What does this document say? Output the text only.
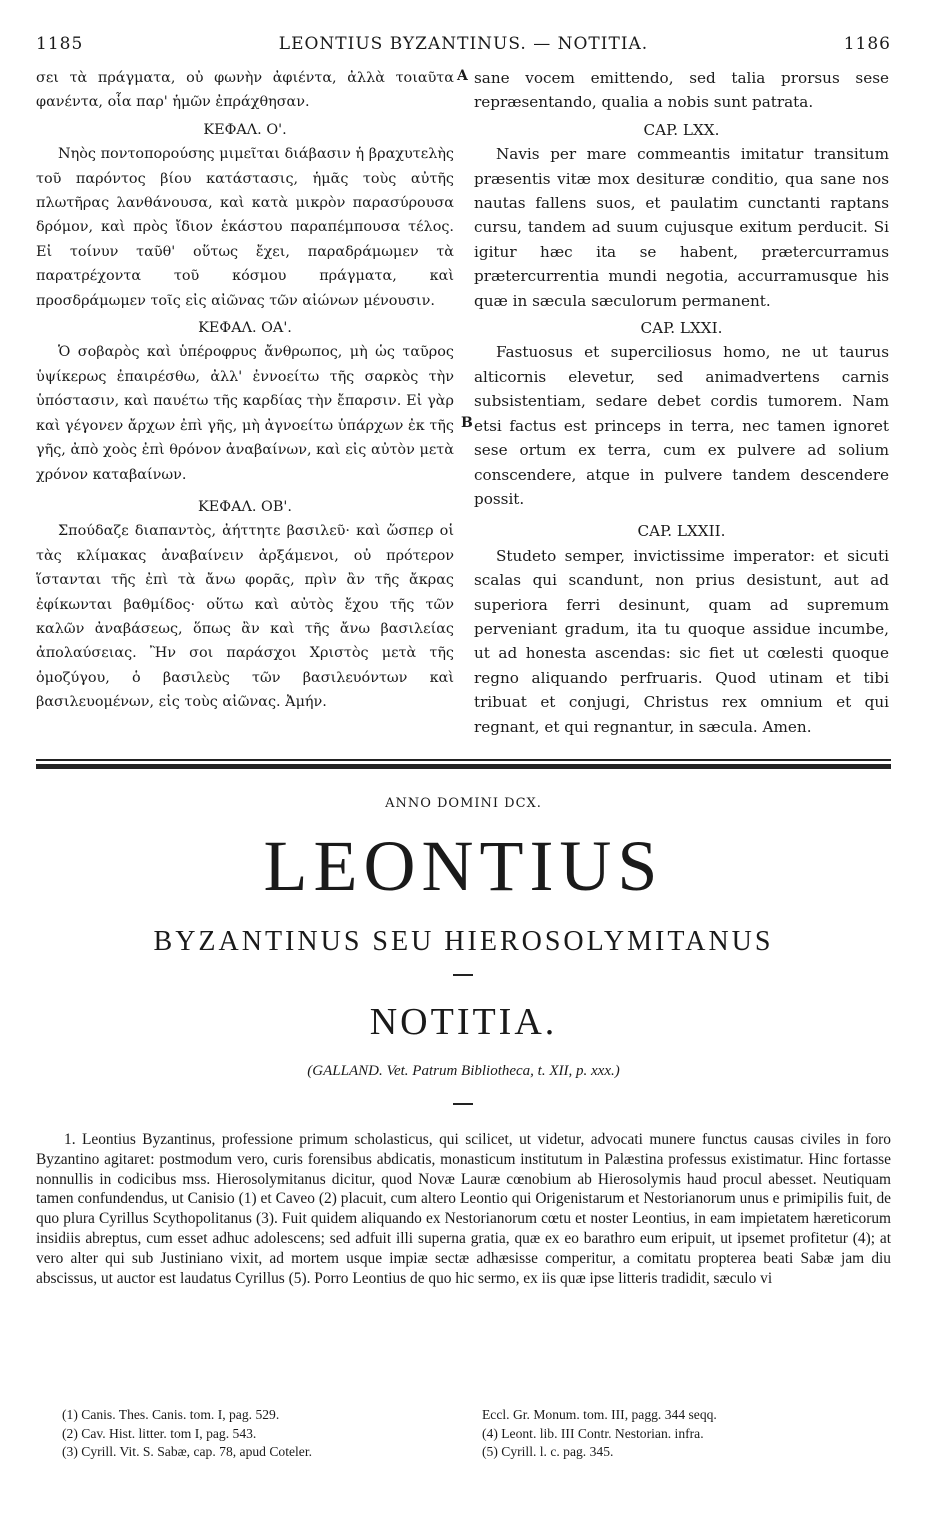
1185	LEONTIUS BYZANTINUS. — NOTITIA.	1186

σει τὰ πράγματα, οὐ φωνὴν ἀφιέντα, ἀλλὰ τοιαῦτα φανέντα, οἷα παρ' ἡμῶν ἐπράχθησαν.

ΚΕΦΑΛ. Ο'.

Νηὸς ποντοπορούσης μιμεῖται διάβασιν ἡ βραχυτελὴς τοῦ παρόντος βίου κατάστασις, ἡμᾶς τοὺς αὐτῆς πλωτῆρας λανθάνουσα, καὶ κατὰ μικρὸν παρασύρουσα δρόμον, καὶ πρὸς ἴδιον ἑκάστου παραπέμπουσα τέλος. Εἰ τοίνυν ταῦθ' οὕτως ἔχει, παραδράμωμεν τὰ παρατρέχοντα τοῦ κόσμου πράγματα, καὶ προσδράμωμεν τοῖς εἰς αἰῶνας τῶν αἰώνων μένουσιν.

ΚΕΦΑΛ. ΟΑ'.

Ὁ σοβαρὸς καὶ ὑπέροφρυς ἄνθρωπος, μὴ ὡς ταῦρος ὑψίκερως ἐπαιρέσθω, ἀλλ' ἐννοείτω τῆς σαρκὸς τὴν ὑπόστασιν, καὶ παυέτω τῆς καρδίας τὴν ἔπαρσιν. Εἰ γὰρ καὶ γέγονεν ἄρχων ἐπὶ γῆς, μὴ ἀγνοείτω ὑπάρχων ἐκ τῆς γῆς, ἀπὸ χοὸς ἐπὶ θρόνον ἀναβαίνων, καὶ εἰς αὐτὸν μετὰ χρόνον καταβαίνων.

ΚΕΦΑΛ. ΟΒ'.

Σπούδαζε διαπαντὸς, ἀήττητε βασιλεῦ· καὶ ὥσπερ οἱ τὰς κλίμακας ἀναβαίνειν ἀρξάμενοι, οὐ πρότερον ἵστανται τῆς ἐπὶ τὰ ἄνω φορᾶς, πρὶν ἂν τῆς ἄκρας ἐφίκωνται βαθμίδος· οὕτω καὶ αὐτὸς ἔχου τῆς τῶν καλῶν ἀναβάσεως, ὅπως ἂν καὶ τῆς ἄνω βασιλείας ἀπολαύσειας. Ἢν σοι παράσχοι Χριστὸς μετὰ τῆς ὁμοζύγου, ὁ βασιλεὺς τῶν βασιλευόντων καὶ βασιλευομένων, εἰς τοὺς αἰῶνας. Ἀμήν.

A
B

sane vocem emittendo, sed talia prorsus sese repræsentando, qualia a nobis sunt patrata.

CAP. LXX.

Navis per mare commeantis imitatur transitum præsentis vitæ mox desituræ conditio, qua sane nos nautas fallens suos, et paulatim cunctanti raptans cursu, tandem ad suum cujusque exitum perducit. Si igitur hæc ita se habent, prætercurramus prætercurrentia mundi negotia, accurramusque his quæ in sæcula sæculorum permanent.

CAP. LXXI.

Fastuosus et superciliosus homo, ne ut taurus alticornis elevetur, sed animadvertens carnis subsistentiam, sedare debet cordis tumorem. Nam etsi factus est princeps in terra, nec tamen ignoret sese ortum ex terra, cum ex pulvere ad solium conscendere, atque in pulvere tandem descendere possit.

CAP. LXXII.

Studeto semper, invictissime imperator: et sicuti scalas qui scandunt, non prius desistunt, aut ad superiora ferri desinunt, quam ad supremum perveniant gradum, ita tu quoque assidue incumbe, ut ad honesta ascendas: sic fiet ut cœlesti quoque regno aliquando perfruaris. Quod utinam et tibi tribuat et conjugi, Christus rex omnium et qui regnant, et qui regnantur, in sæcula. Amen.

ANNO DOMINI DCX.
LEONTIUS
BYZANTINUS SEU HIEROSOLYMITANUS
NOTITIA.
(GALLAND. Vet. Patrum Bibliotheca, t. XII, p. xxx.)
1. Leontius Byzantinus, professione primum scholasticus, qui scilicet, ut videtur, advocati munere functus causas civiles in foro Byzantino agitaret: postmodum vero, curis forensibus abdicatis, monasticum institutum in Palæstina professus existimatur. Hinc fortasse nonnullis in codicibus mss. Hierosolymitanus dicitur, quod Novæ Lauræ cœnobium ab Hierosolymis haud procul abesset. Neutiquam tamen confundendus, ut Canisio (1) et Caveo (2) placuit, cum altero Leontio qui Origenistarum et Nestorianorum unus e primipilis fuit, de quo plura Cyrillus Scythopolitanus (3). Fuit quidem aliquando ex Nestorianorum cœtu et noster Leontius, in eam impietatem hæreticorum insidiis abreptus, cum esset adhuc adolescens; sed adfuit illi superna gratia, quæ ex eo barathro eum eripuit, ut ipsemet profitetur (4); at vero alter qui sub Justiniano vixit, ad mortem usque impiæ sectæ adhæsisse comperitur, a comitatu propterea beati Sabæ jam diu abscissus, ut auctor est laudatus Cyrillus (5). Porro Leontius de quo hic sermo, ex iis quæ ipse litteris tradidit, sæculo vi
(1) Canis. Thes. Canis. tom. I, pag. 529.
(2) Cav. Hist. litter. tom I, pag. 543.
(3) Cyrill. Vit. S. Sabæ, cap. 78, apud Coteler.
Eccl. Gr. Monum. tom. III, pagg. 344 seqq.
(4) Leont. lib. III Contr. Nestorian. infra.
(5) Cyrill. l. c. pag. 345.
